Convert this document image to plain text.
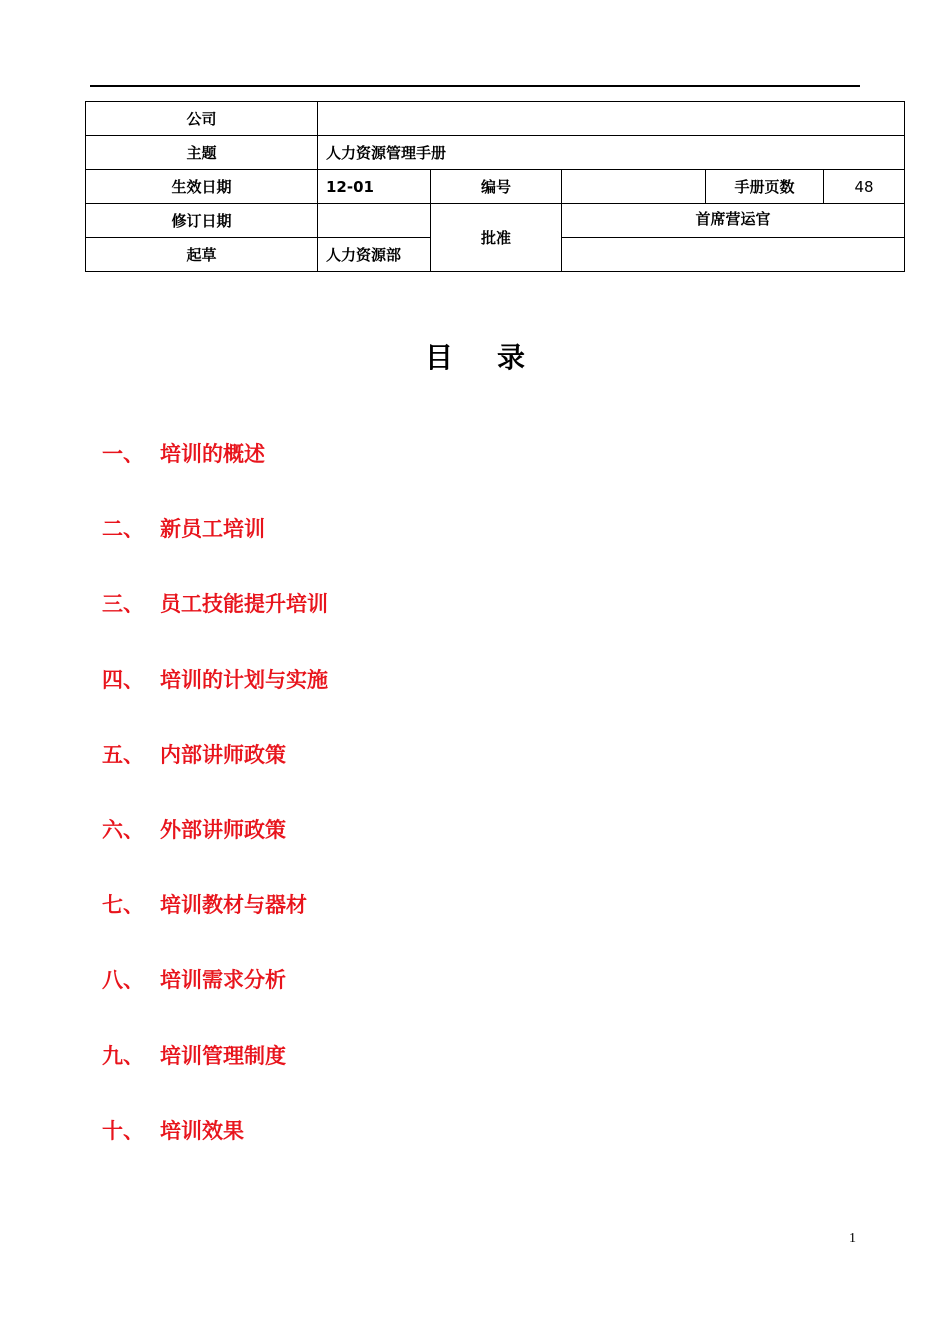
公司					
主题	人力资源管理手册				
生效日期	12-01	编号		手册页数	48
修订日期		批准	首席营运官		
起草	人力资源部				
目 录
一、 培训的概述
二、 新员工培训
三、 员工技能提升培训
四、 培训的计划与实施
五、 内部讲师政策
六、 外部讲师政策
七、 培训教材与器材
八、 培训需求分析
九、 培训管理制度
十、 培训效果
1
